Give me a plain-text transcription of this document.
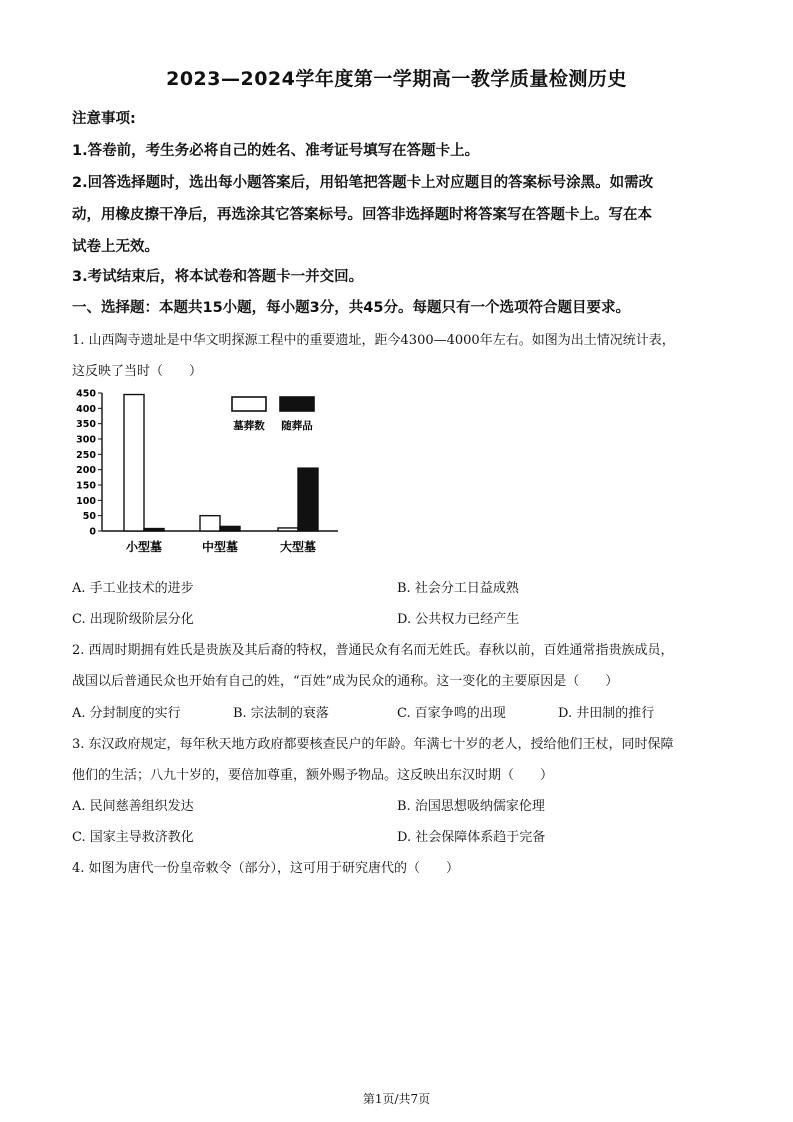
2023—2024学年度第一学期高一教学质量检测历史
注意事项:
1.答卷前，考生务必将自己的姓名、准考证号填写在答题卡上。
2.回答选择题时，选出每小题答案后，用铅笔把答题卡上对应题目的答案标号涂黑。如需改
动，用橡皮擦干净后，再选涂其它答案标号。回答非选择题时将答案写在答题卡上。写在本
试卷上无效。
3.考试结束后，将本试卷和答题卡一并交回。
一、选择题：本题共15小题，每小题3分，共45分。每题只有一个选项符合题目要求。
1. 山西陶寺遗址是中华文明探源工程中的重要遗址，距今4300—4000年左右。如图为出土情况统计表，
这反映了当时（　　）
0
50
100
150
200
250
300
350
400
450
小型墓	中型墓	大型墓
墓葬数 随葬品
A. 手工业技术的进步	B. 社会分工日益成熟
C. 出现阶级阶层分化	D. 公共权力已经产生
2. 西周时期拥有姓氏是贵族及其后裔的特权，普通民众有名而无姓氏。春秋以前，百姓通常指贵族成员，
战国以后普通民众也开始有自己的姓，“百姓”成为民众的通称。这一变化的主要原因是（　　）
A. 分封制度的实行	B. 宗法制的衰落	C. 百家争鸣的出现	D. 井田制的推行
3. 东汉政府规定，每年秋天地方政府都要核查民户的年龄。年满七十岁的老人，授给他们王杖，同时保障
他们的生活；八九十岁的，要倍加尊重，额外赐予物品。这反映出东汉时期（　　）
A. 民间慈善组织发达	B. 治国思想吸纳儒家伦理
C. 国家主导救济教化	D. 社会保障体系趋于完备
4. 如图为唐代一份皇帝敕令（部分），这可用于研究唐代的（　　）
第1页/共7页
